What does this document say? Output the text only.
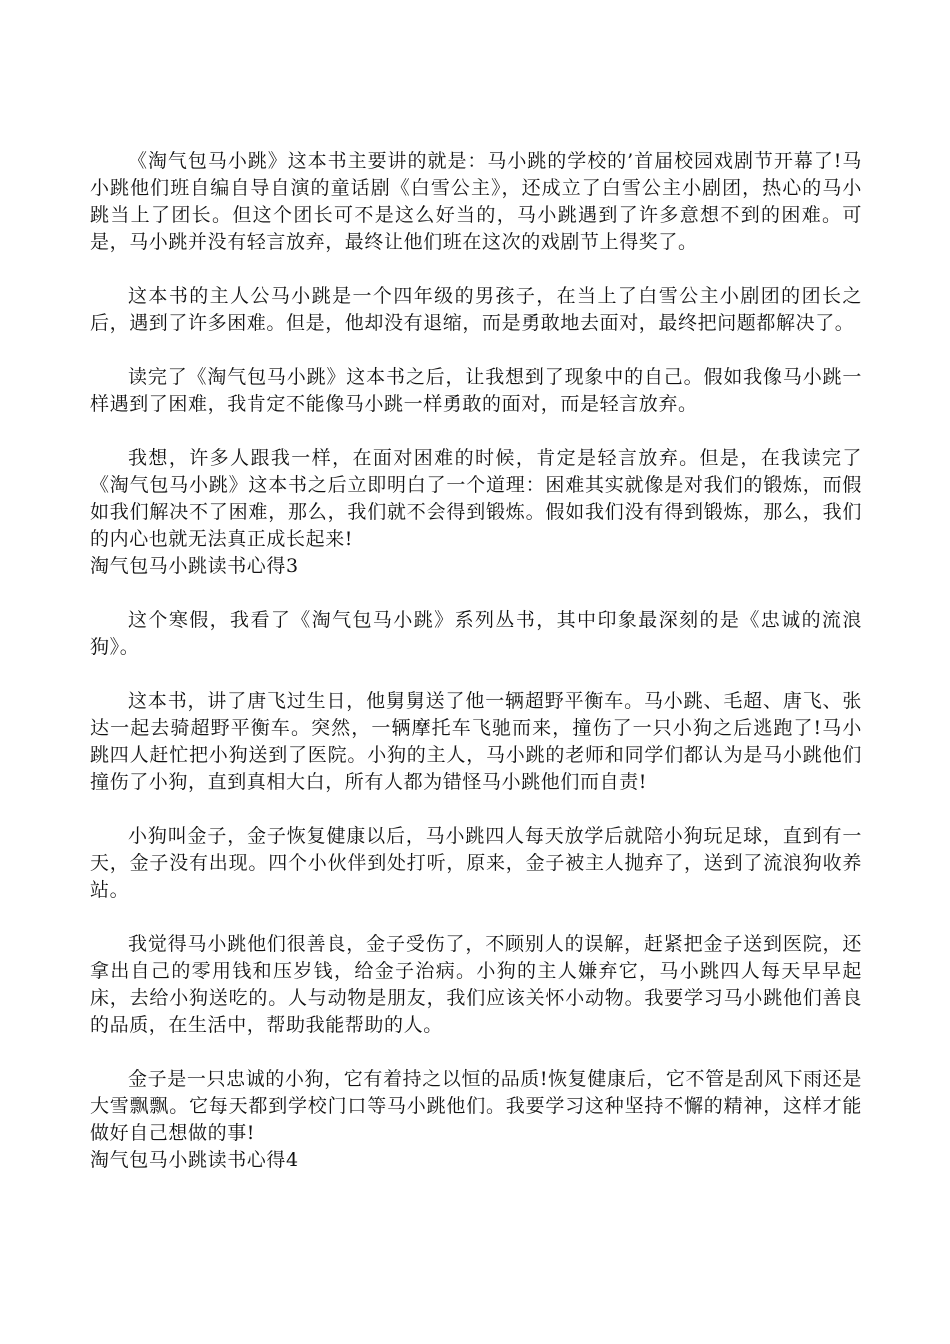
《淘气包马小跳》这本书主要讲的就是：马小跳的学校的’首届校园戏剧节开幕了!马小跳他们班自编自导自演的童话剧《白雪公主》，还成立了白雪公主小剧团，热心的马小跳当上了团长。但这个团长可不是这么好当的，马小跳遇到了许多意想不到的困难。可是，马小跳并没有轻言放弃，最终让他们班在这次的戏剧节上得奖了。

这本书的主人公马小跳是一个四年级的男孩子，在当上了白雪公主小剧团的团长之后，遇到了许多困难。但是，他却没有退缩，而是勇敢地去面对，最终把问题都解决了。

读完了《淘气包马小跳》这本书之后，让我想到了现象中的自己。假如我像马小跳一样遇到了困难，我肯定不能像马小跳一样勇敢的面对，而是轻言放弃。

我想，许多人跟我一样，在面对困难的时候，肯定是轻言放弃。但是，在我读完了《淘气包马小跳》这本书之后立即明白了一个道理：困难其实就像是对我们的锻炼，而假如我们解决不了困难，那么，我们就不会得到锻炼。假如我们没有得到锻炼，那么，我们的内心也就无法真正成长起来!

淘气包马小跳读书心得3

这个寒假，我看了《淘气包马小跳》系列丛书，其中印象最深刻的是《忠诚的流浪狗》。

这本书，讲了唐飞过生日，他舅舅送了他一辆超野平衡车。马小跳、毛超、唐飞、张达一起去骑超野平衡车。突然，一辆摩托车飞驰而来，撞伤了一只小狗之后逃跑了!马小跳四人赶忙把小狗送到了医院。小狗的主人，马小跳的老师和同学们都认为是马小跳他们撞伤了小狗，直到真相大白，所有人都为错怪马小跳他们而自责!

小狗叫金子，金子恢复健康以后，马小跳四人每天放学后就陪小狗玩足球，直到有一天，金子没有出现。四个小伙伴到处打听，原来，金子被主人抛弃了，送到了流浪狗收养站。

我觉得马小跳他们很善良，金子受伤了，不顾别人的误解，赶紧把金子送到医院，还拿出自己的零用钱和压岁钱，给金子治病。小狗的主人嫌弃它，马小跳四人每天早早起床，去给小狗送吃的。人与动物是朋友，我们应该关怀小动物。我要学习马小跳他们善良的品质，在生活中，帮助我能帮助的人。

金子是一只忠诚的小狗，它有着持之以恒的品质!恢复健康后，它不管是刮风下雨还是大雪飘飘。它每天都到学校门口等马小跳他们。我要学习这种坚持不懈的精神，这样才能做好自己想做的事!

淘气包马小跳读书心得4
